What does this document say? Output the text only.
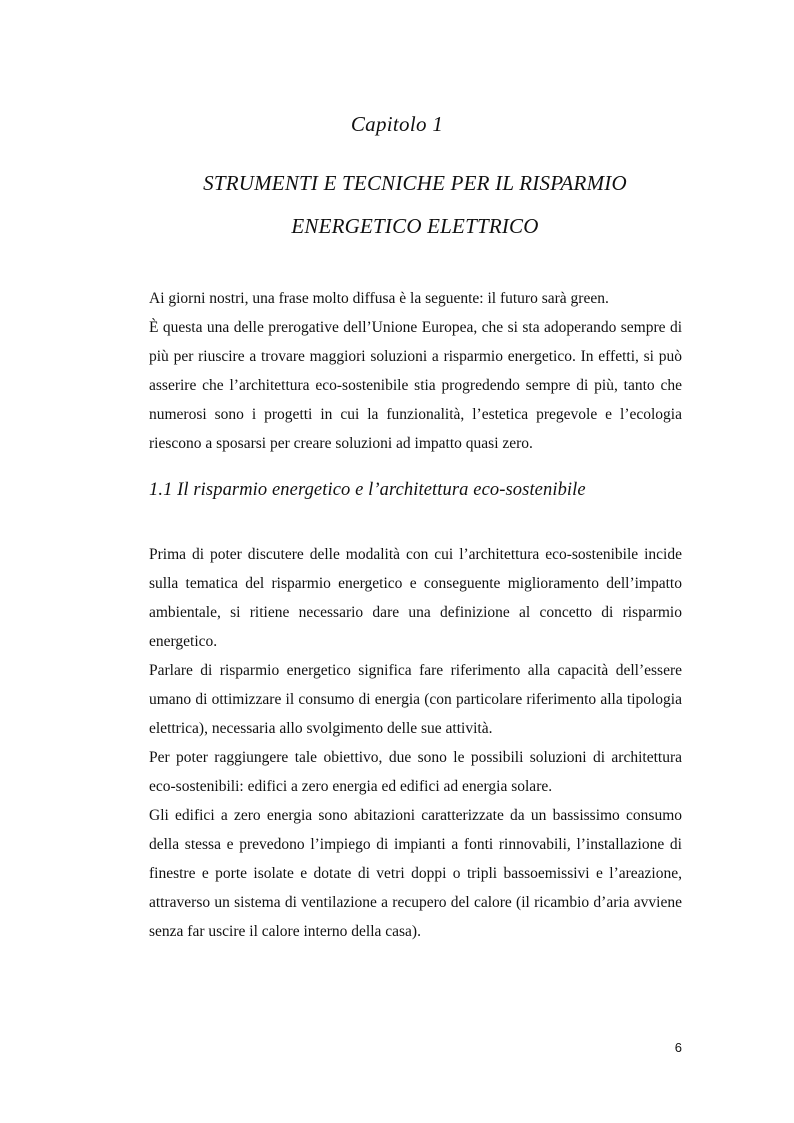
Capitolo 1
STRUMENTI E TECNICHE PER IL RISPARMIO
ENERGETICO ELETTRICO

Ai giorni nostri, una frase molto diffusa è la seguente: il futuro sarà green.

È questa una delle prerogative dell’Unione Europea, che si sta adoperando sempre di più per riuscire a trovare maggiori soluzioni a risparmio energetico. In effetti, si può asserire che l’architettura eco-sostenibile stia progredendo sempre di più, tanto che numerosi sono i progetti in cui la funzionalità, l’estetica pregevole e l’ecologia riescono a sposarsi per creare soluzioni ad impatto quasi zero.

1.1 Il risparmio energetico e l’architettura eco-sostenibile

Prima di poter discutere delle modalità con cui l’architettura eco-sostenibile incide sulla tematica del risparmio energetico e conseguente miglioramento dell’impatto ambientale, si ritiene necessario dare una definizione al concetto di risparmio energetico.

Parlare di risparmio energetico significa fare riferimento alla capacità dell’essere umano di ottimizzare il consumo di energia (con particolare riferimento alla tipologia elettrica), necessaria allo svolgimento delle sue attività.

Per poter raggiungere tale obiettivo, due sono le possibili soluzioni di architettura eco-sostenibili: edifici a zero energia ed edifici ad energia solare.

Gli edifici a zero energia sono abitazioni caratterizzate da un bassissimo consumo della stessa e prevedono l’impiego di impianti a fonti rinnovabili, l’installazione di finestre e porte isolate e dotate di vetri doppi o tripli bassoemissivi e l’areazione, attraverso un sistema di ventilazione a recupero del calore (il ricambio d’aria avviene senza far uscire il calore interno della casa).

6
